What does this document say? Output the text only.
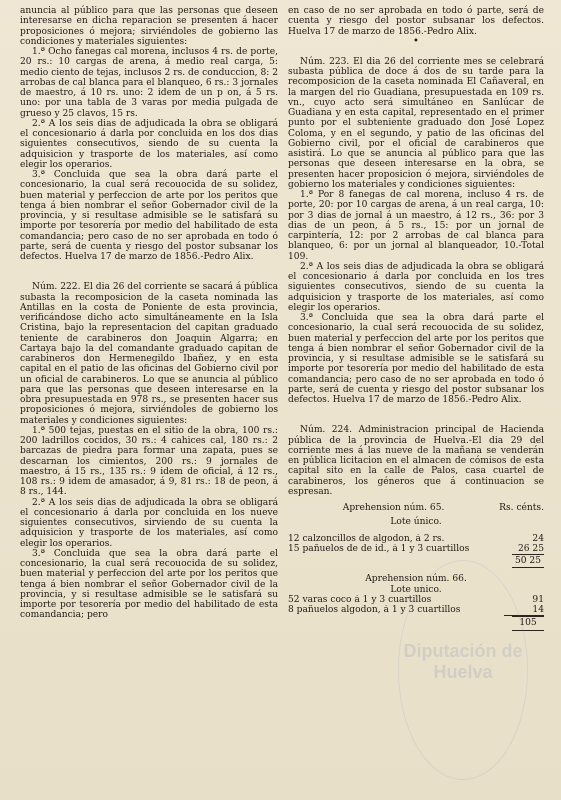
anuncia al público para que las personas que deseen interesarse en dicha reparacion se presenten á hacer proposiciones ó mejora; sirviéndoles de gobierno las condiciones y materiales siguientes:

1.ª Ocho fanegas cal morena, inclusos 4 rs. de porte, 20 rs.: 10 cargas de arena, á medio real carga, 5: medio ciento de tejas, inclusos 2 rs. de conduccion, 8: 2 arrobas de cal blanca para el blanqueo, 6 rs.: 3 jornales de maestro, á 10 rs. uno: 2 idem de un p on, á 5 rs. uno: por una tabla de 3 varas por media pulgada de grueso y 25 clavos, 15 rs.

2.ª A los seis dias de adjudicada la obra se obligará el concesionario á darla por concluida en los dos dias siguientes consecutivos, siendo de su cuenta la adquisicion y trasporte de los materiales, así como elegir los operarios.

3.ª Concluida que sea la obra dará parte el concesionario, la cual será recouocida de su solidez, buen material y perfeccion de arte por los peritos que tenga á bien nombrar el señor Gobernador civil de la provincia, y si resultase admisible se le satisfará su importe por tesorería por medio del habilitado de esta comandancia; pero caso de no ser aprobada en todo ó parte, será de cuenta y riesgo del postor subsanar los defectos. Huelva 17 de marzo de 1856.-Pedro Alix.

Núm. 222. El dia 26 del corriente se sacará á pública subasta la recomposicion de la caseta nominada las Antillas en la costa de Poniente de esta provincia, verificándose dicho acto simultáneamente en la Isla Cristina, bajo la representacion del capitan graduado teniente de carabineros don Joaquin Algarra; en Cartaya bajo la del comandante graduado capitan de carabineros don Hermenegildo Ibañez, y en esta capital en el patio de las oficinas del Gobierno civil por un oficial de carabineros. Lo que se anuncia al público para que las personas que deseen interesarse en la obra presupuestada en 978 rs., se presenten hacer sus proposiciones ó mejora, sirviéndoles de gobierno los materiales y condiciones siguientes:

1.ª 500 tejas, puestas en el sitio de la obra, 100 rs.: 200 ladrillos cocidos, 30 rs.: 4 cahices cal, 180 rs.: 2 barcazas de piedra para formar una zapata, pues se descarnan los cimientos, 200 rs.: 9 jornales de maestro, á 15 rs., 135 rs.: 9 idem de oficial, á 12 rs., 108 rs.: 9 idem de amasador, á 9, 81 rs.: 18 de peon, á 8 rs., 144.

2.ª A los seis dias de adjudicada la obra se obligará el concesionario á darla por concluida en los nueve siguientes consecutivos, sirviendo de su cuenta la adquisicion y trasporte de los materiales, así como elegir los operarios.

3.ª Concluida que sea la obra dará parte el concesionario, la cual será recouocida de su solidez, buen material y perfeccion del arte por los peritos que tenga á bien nombrar el señor Gobernador civil de la provincia, y si resultase admisible se le satisfará su importe por tesorería por medio del habilitado de esta comandancia; pero

en caso de no ser aprobada en todo ó parte, será de cuenta y riesgo del postor subsanar los defectos. Huelva 17 de marzo de 1856.-Pedro Alix.

•

Núm. 223. El dia 26 del corriente mes se celebrará subasta pública de doce á dos de su tarde para la recomposicion de la caseta nominada El Cañaveral, en la margen del rio Guadiana, presupuestada en 109 rs. vn., cuyo acto será simultáneo en Sanlúcar de Guadiana y en esta capital, representado en el primer punto por el subteniente graduado don José Lopez Coloma, y en el segundo, y patio de las oficinas del Gobierno civil, por el oficial de carabineros que asistirá. Lo que se anuncia al público para que las personas que deseen interesarse en la obra, se presenten hacer proposicion ó mejora, sirviéndoles de gobierno los materiales y condiciones siguientes:

1.ª Por 8 fanegas de cal morena, incluso 4 rs. de porte, 20: por 10 cargas de arena, á un real carga, 10: por 3 dias de jornal á un maestro, á 12 rs., 36: por 3 dias de un peon, á 5 rs., 15: por un jornal de carpintería, 12: por 2 arrobas de cal blanca para blanqueo, 6: por un jornal al blanqueador, 10.-Total 109.

2.ª A los seis dias de adjudicada la obra se obligará el concesionario á darla por concluida en los tres siguientes consecutivos, siendo de su cuenta la adquisicion y trasporte de los materiales, así como elegir los operarios.

3.ª Concluida que sea la obra dará parte el concesionario, la cual será recouocida de su solidez, buen material y perfeccion del arte por los peritos que tenga á bien nombrar el señor Gobernador civil de la provincia, y si resultase admisible se le satisfará su importe por tesorería por medio del habilitado de esta comandancia; pero caso de no ser aprobada en todo ó parte, será de cuenta y riesgo del postor subsanar los defectos. Huelva 17 de marzo de 1856.-Pedro Alix.

Núm. 224. Administracion principal de Hacienda pública de la provincia de Huelva.-El dia 29 del corriente mes á las nueve de la mañana se venderán en pública licitacion en el almacen de cómisos de esta capital sito en la calle de Palos, casa cuartel de carabineros, los géneros que á continuacion se espresan.

Aprehension núm. 65.	Rs. cénts.
Lote único.
12 calzoncillos de algodon, á 2 rs.	24
15 pañuelos de de id., á 1 y 3 cuartillos	26 25
50 25
Aprehension núm. 66.
Lote unico.
52 varas coco á 1 y 3 cuartillos	91
8 pañuelos algodon, á 1 y 3 cuartillos	14
105
Diputación de Huelva
